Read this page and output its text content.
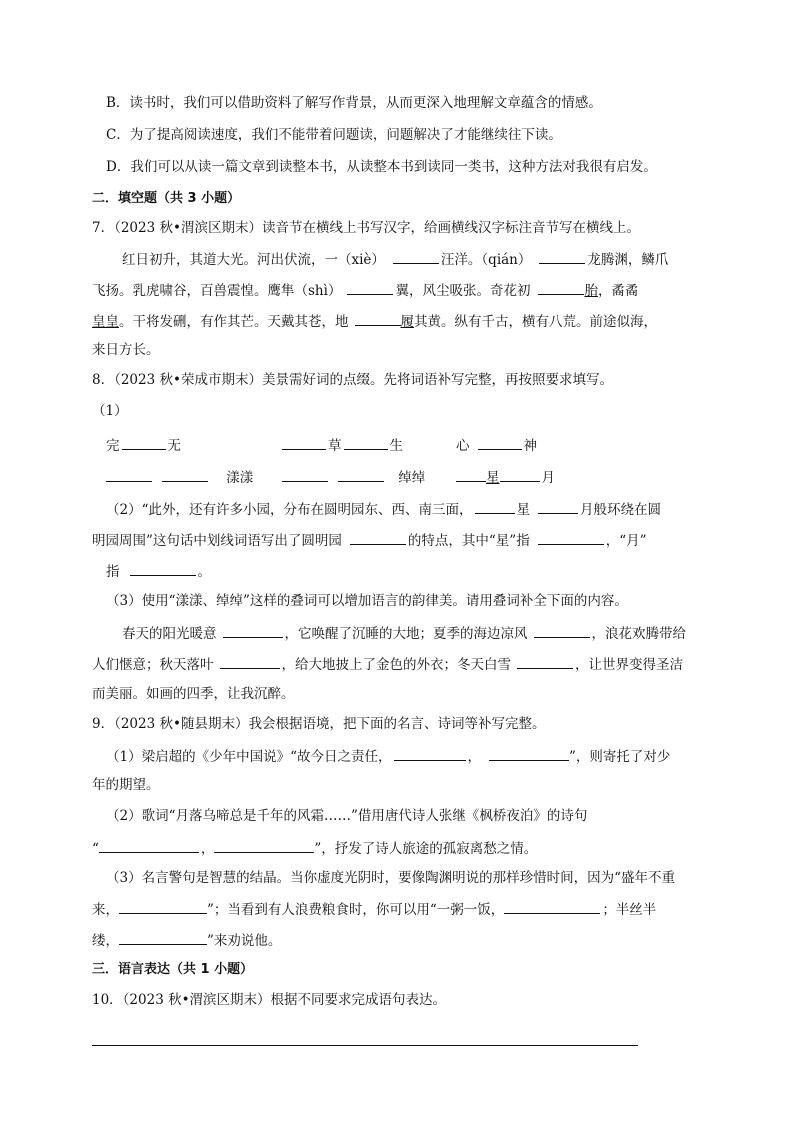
B．读书时，我们可以借助资料了解写作背景，从而更深入地理解文章蕴含的情感。
C．为了提高阅读速度，我们不能带着问题读，问题解决了才能继续往下读。
D．我们可以从读一篇文章到读整本书，从读整本书到读同一类书，这种方法对我很有启发。
二．填空题（共 3 小题）
7．（2023 秋•渭滨区期末）读音节在横线上书写汉字，给画横线汉字标注音节写在横线上。
红日初升，其道大光。河出伏流，一（xiè）	汪洋。（qián）	龙腾渊，鳞爪
飞扬。乳虎啸谷，百兽震惶。鹰隼（shì）	翼，风尘吸张。奇花初	胎，矞矞
皇皇。干将发硎，有作其芒。天戴其苍，地	履其黄。纵有千古，横有八荒。前途似海，
来日方长。
8．（2023 秋•荣成市期末）美景需好词的点缀。先将词语补写完整，再按照要求填写。
（1）
完	无	草	生	心	神
漾漾	绰绰	星	月
（2）“此外，还有许多小园，分布在圆明园东、西、南三面，	星	月般环绕在圆
明园周围”这句话中划线词语写出了圆明园	的特点，其中“星”指	，“月”
指	。
（3）使用“漾漾、绰绰”这样的叠词可以增加语言的韵律美。请用叠词补全下面的内容。
春天的阳光暖意	，它唤醒了沉睡的大地；夏季的海边凉风	，浪花欢腾带给
人们惬意；秋天落叶	，给大地披上了金色的外衣；冬天白雪	，让世界变得圣洁
而美丽。如画的四季，让我沉醉。
9．（2023 秋•随县期末）我会根据语境，把下面的名言、诗词等补写完整。
（1）梁启超的《少年中国说》“故今日之责任，	，	”，则寄托了对少
年的期望。
（2）歌词“月落乌啼总是千年的风霜……”借用唐代诗人张继《枫桥夜泊》的诗句
“	，	”，抒发了诗人旅途的孤寂离愁之情。
（3）名言警句是智慧的结晶。当你虚度光阴时，要像陶渊明说的那样珍惜时间，因为“盛年不重
来，	”；当看到有人浪费粮食时，你可以用“一粥一饭，	；半丝半
缕，	”来劝说他。
三．语言表达（共 1 小题）
10．（2023 秋•渭滨区期末）根据不同要求完成语句表达。
